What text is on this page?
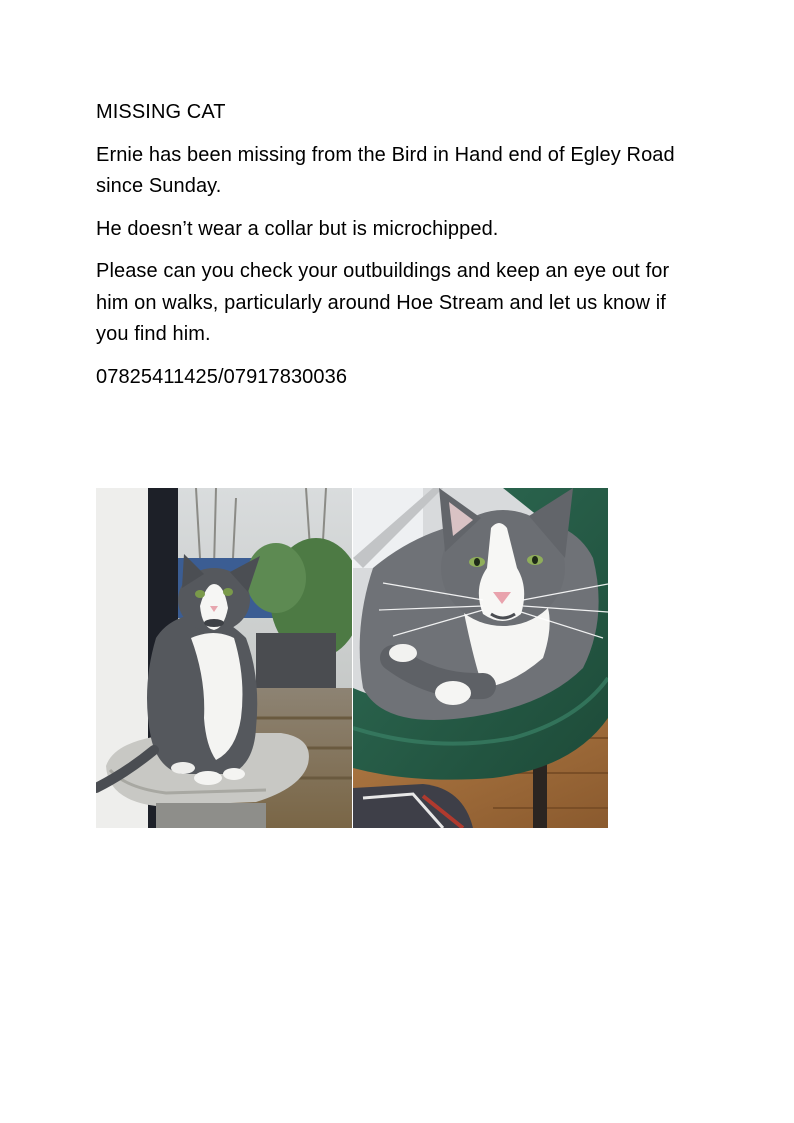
MISSING CAT

Ernie has been missing from the Bird in Hand end of Egley Road since Sunday.

He doesn’t wear a collar but is microchipped.

Please can you check your outbuildings and keep an eye out for him on walks, particularly around Hoe Stream and let us know if you find him.

07825411425/07917830036
